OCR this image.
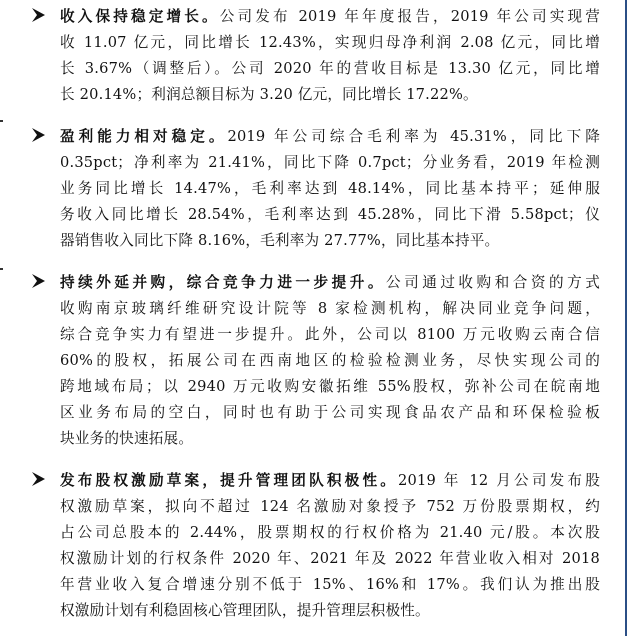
收入保持稳定增长。公司发布 2019 年年度报告，2019 年公司实现营
收 11.07 亿元，同比增长 12.43%，实现归母净利润 2.08 亿元，同比增
长 3.67%（调整后）。公司 2020 年的营收目标是 13.30 亿元，同比增
长 20.14%；利润总额目标为 3.20 亿元，同比增长 17.22%。
盈利能力相对稳定。2019 年公司综合毛利率为 45.31%，同比下降
0.35pct；净利率为 21.41%，同比下降 0.7pct；分业务看，2019 年检测
业务同比增长 14.47%，毛利率达到 48.14%，同比基本持平；延伸服
务收入同比增长 28.54%，毛利率达到 45.28%，同比下滑 5.58pct；仪
器销售收入同比下降 8.16%，毛利率为 27.77%，同比基本持平。
持续外延并购，综合竞争力进一步提升。公司通过收购和合资的方式
收购南京玻璃纤维研究设计院等 8 家检测机构，解决同业竞争问题，
综合竞争实力有望进一步提升。此外，公司以 8100 万元收购云南合信
60%的股权，拓展公司在西南地区的检验检测业务，尽快实现公司的
跨地域布局；以 2940 万元收购安徽拓维 55%股权，弥补公司在皖南地
区业务布局的空白，同时也有助于公司实现食品农产品和环保检验板
块业务的快速拓展。
发布股权激励草案，提升管理团队积极性。2019 年 12 月公司发布股
权激励草案，拟向不超过 124 名激励对象授予 752 万份股票期权，约
占公司总股本的 2.44%，股票期权的行权价格为 21.40 元/股。本次股
权激励计划的行权条件 2020 年、2021 年及 2022 年营业收入相对 2018
年营业收入复合增速分别不低于 15%、16%和 17%。我们认为推出股
权激励计划有利稳固核心管理团队，提升管理层积极性。
